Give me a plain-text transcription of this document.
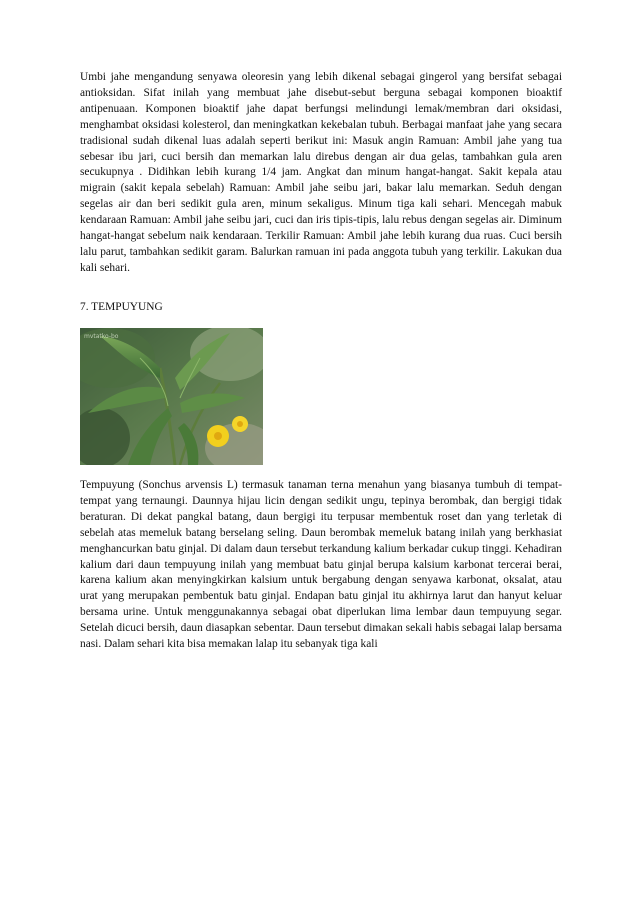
Umbi jahe mengandung senyawa oleoresin yang lebih dikenal sebagai gingerol yang bersifat sebagai antioksidan. Sifat inilah yang membuat jahe disebut-sebut berguna sebagai komponen bioaktif antipenuaan. Komponen bioaktif jahe dapat berfungsi melindungi lemak/membran dari oksidasi, menghambat oksidasi kolesterol, dan meningkatkan kekebalan tubuh. Berbagai manfaat jahe yang secara tradisional sudah dikenal luas adalah seperti berikut ini: Masuk angin Ramuan: Ambil jahe yang tua sebesar ibu jari, cuci bersih dan memarkan lalu direbus dengan air dua gelas, tambahkan gula aren secukupnya . Didihkan lebih kurang 1/4 jam. Angkat dan minum hangat-hangat. Sakit kepala atau migrain (sakit kepala sebelah) Ramuan: Ambil jahe seibu jari, bakar lalu memarkan. Seduh dengan segelas air dan beri sedikit gula aren, minum sekaligus. Minum tiga kali sehari. Mencegah mabuk kendaraan Ramuan: Ambil jahe seibu jari, cuci dan iris tipis-tipis, lalu rebus dengan segelas air. Diminum hangat-hangat sebelum naik kendaraan. Terkilir Ramuan: Ambil jahe lebih kurang dua ruas. Cuci bersih lalu parut, tambahkan sedikit garam. Balurkan ramuan ini pada anggota tubuh yang terkilir. Lakukan dua kali sehari.

7. TEMPUYUNG

mvtatko-bo

Tempuyung (Sonchus arvensis L) termasuk tanaman terna menahun yang biasanya tumbuh di tempat-tempat yang ternaungi. Daunnya hijau licin dengan sedikit ungu, tepinya berombak, dan bergigi tidak beraturan. Di dekat pangkal batang, daun bergigi itu terpusar membentuk roset dan yang terletak di sebelah atas memeluk batang berselang seling. Daun berombak memeluk batang inilah yang berkhasiat menghancurkan batu ginjal. Di dalam daun tersebut terkandung kalium berkadar cukup tinggi. Kehadiran kalium dari daun tempuyung inilah yang membuat batu ginjal berupa kalsium karbonat tercerai berai, karena kalium akan menyingkirkan kalsium untuk bergabung dengan senyawa karbonat, oksalat, atau urat yang merupakan pembentuk batu ginjal. Endapan batu ginjal itu akhirnya larut dan hanyut keluar bersama urine. Untuk menggunakannya sebagai obat diperlukan lima lembar daun tempuyung segar. Setelah dicuci bersih, daun diasapkan sebentar. Daun tersebut dimakan sekali habis sebagai lalap bersama nasi. Dalam sehari kita bisa memakan lalap itu sebanyak tiga kali
